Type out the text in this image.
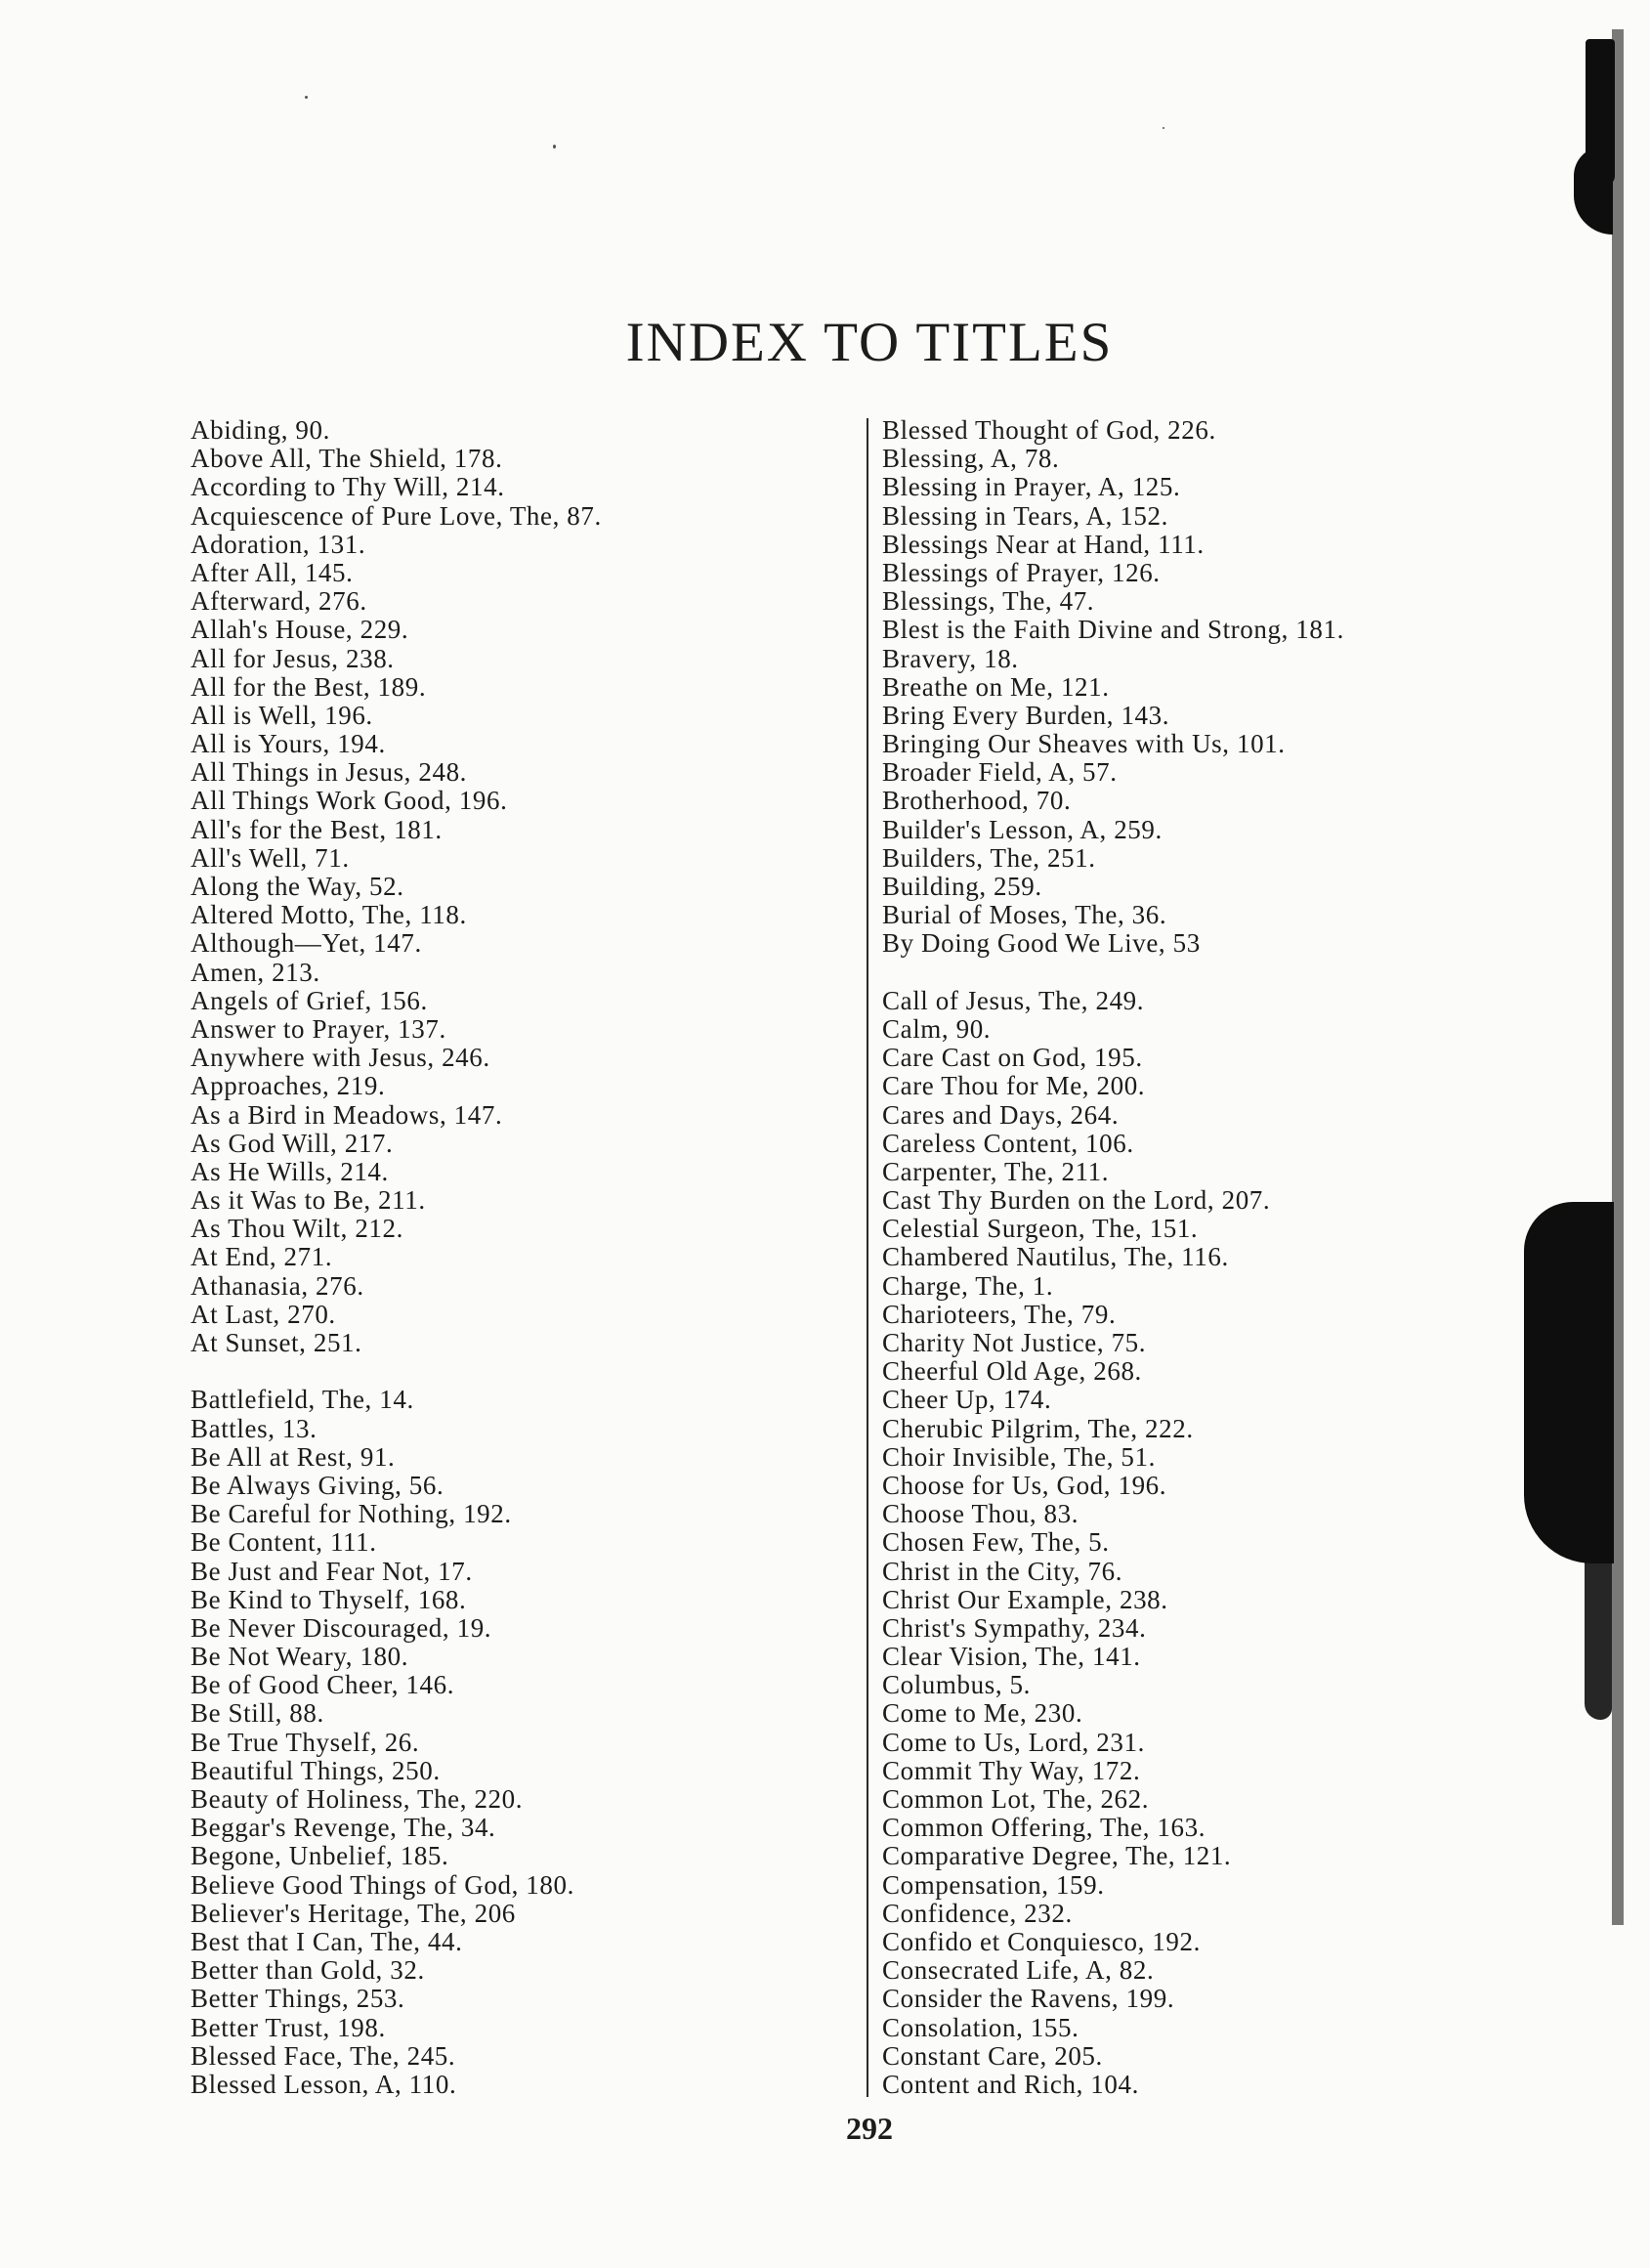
INDEX TO TITLES
Abiding, 90.
Above All, The Shield, 178.
According to Thy Will, 214.
Acquiescence of Pure Love, The, 87.
Adoration, 131.
After All, 145.
Afterward, 276.
Allah's House, 229.
All for Jesus, 238.
All for the Best, 189.
All is Well, 196.
All is Yours, 194.
All Things in Jesus, 248.
All Things Work Good, 196.
All's for the Best, 181.
All's Well, 71.
Along the Way, 52.
Altered Motto, The, 118.
Although—Yet, 147.
Amen, 213.
Angels of Grief, 156.
Answer to Prayer, 137.
Anywhere with Jesus, 246.
Approaches, 219.
As a Bird in Meadows, 147.
As God Will, 217.
As He Wills, 214.
As it Was to Be, 211.
As Thou Wilt, 212.
At End, 271.
Athanasia, 276.
At Last, 270.
At Sunset, 251.
Battlefield, The, 14.
Battles, 13.
Be All at Rest, 91.
Be Always Giving, 56.
Be Careful for Nothing, 192.
Be Content, 111.
Be Just and Fear Not, 17.
Be Kind to Thyself, 168.
Be Never Discouraged, 19.
Be Not Weary, 180.
Be of Good Cheer, 146.
Be Still, 88.
Be True Thyself, 26.
Beautiful Things, 250.
Beauty of Holiness, The, 220.
Beggar's Revenge, The, 34.
Begone, Unbelief, 185.
Believe Good Things of God, 180.
Believer's Heritage, The, 206
Best that I Can, The, 44.
Better than Gold, 32.
Better Things, 253.
Better Trust, 198.
Blessed Face, The, 245.
Blessed Lesson, A, 110.
Blessed Thought of God, 226.
Blessing, A, 78.
Blessing in Prayer, A, 125.
Blessing in Tears, A, 152.
Blessings Near at Hand, 111.
Blessings of Prayer, 126.
Blessings, The, 47.
Blest is the Faith Divine and Strong, 181.
Bravery, 18.
Breathe on Me, 121.
Bring Every Burden, 143.
Bringing Our Sheaves with Us, 101.
Broader Field, A, 57.
Brotherhood, 70.
Builder's Lesson, A, 259.
Builders, The, 251.
Building, 259.
Burial of Moses, The, 36.
By Doing Good We Live, 53
Call of Jesus, The, 249.
Calm, 90.
Care Cast on God, 195.
Care Thou for Me, 200.
Cares and Days, 264.
Careless Content, 106.
Carpenter, The, 211.
Cast Thy Burden on the Lord, 207.
Celestial Surgeon, The, 151.
Chambered Nautilus, The, 116.
Charge, The, 1.
Charioteers, The, 79.
Charity Not Justice, 75.
Cheerful Old Age, 268.
Cheer Up, 174.
Cherubic Pilgrim, The, 222.
Choir Invisible, The, 51.
Choose for Us, God, 196.
Choose Thou, 83.
Chosen Few, The, 5.
Christ in the City, 76.
Christ Our Example, 238.
Christ's Sympathy, 234.
Clear Vision, The, 141.
Columbus, 5.
Come to Me, 230.
Come to Us, Lord, 231.
Commit Thy Way, 172.
Common Lot, The, 262.
Common Offering, The, 163.
Comparative Degree, The, 121.
Compensation, 159.
Confidence, 232.
Confido et Conquiesco, 192.
Consecrated Life, A, 82.
Consider the Ravens, 199.
Consolation, 155.
Constant Care, 205.
Content and Rich, 104.
292
